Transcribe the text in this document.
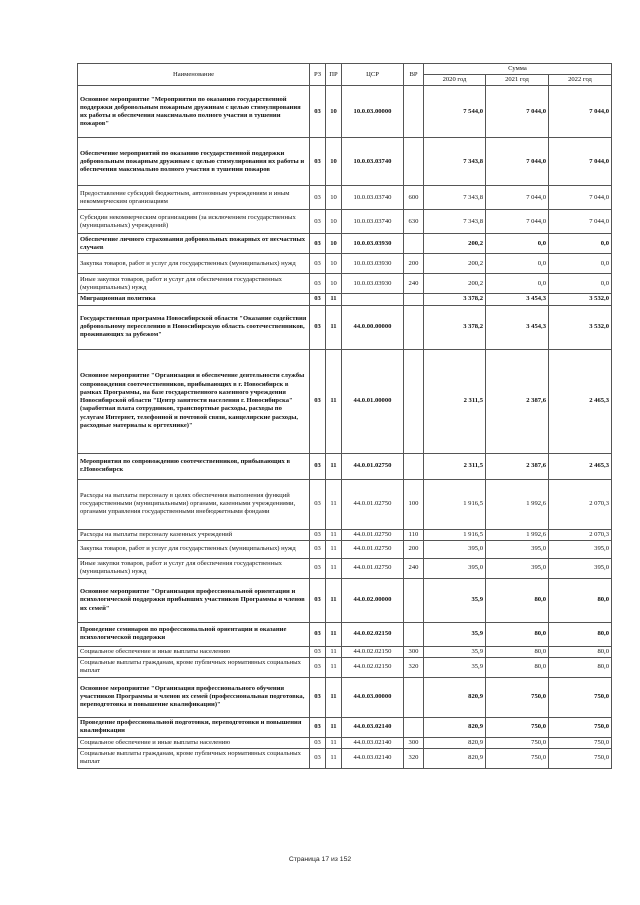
Наименование	РЗ	ПР	ЦСР	ВР	Сумма		
					2020 год	2021 год	2022 год
Основное мероприятие "Мероприятия по оказанию государственной поддержки добровольным пожарным дружинам с целью стимулирования их работы и обеспечения максимально полного участия в тушении пожаров"	03	10	10.0.03.00000		7 544,0	7 044,0	7 044,0
Обеспечение мероприятий по оказанию государственной поддержки добровольным пожарным дружинам с целью стимулирования их работы и обеспечения максимально полного участия в тушении пожаров	03	10	10.0.03.03740		7 343,8	7 044,0	7 044,0
Предоставление субсидий бюджетным, автономным учреждениям и иным некоммерческим организациям	03	10	10.0.03.03740	600	7 343,8	7 044,0	7 044,0
Субсидии некоммерческим организациям (за исключением государственных (муниципальных) учреждений)	03	10	10.0.03.03740	630	7 343,8	7 044,0	7 044,0
Обеспечение личного страхования добровольных пожарных от несчастных случаев	03	10	10.0.03.03930		200,2	0,0	0,0
Закупка товаров, работ и услуг для государственных (муниципальных) нужд	03	10	10.0.03.03930	200	200,2	0,0	0,0
Иные закупки товаров, работ и услуг для обеспечения государственных (муниципальных) нужд	03	10	10.0.03.03930	240	200,2	0,0	0,0
Миграционная политика	03	11			3 378,2	3 454,3	3 532,0
Государственная программа Новосибирской области "Оказание содействия добровольному переселению в Новосибирскую область соотечественников, проживающих за рубежом"	03	11	44.0.00.00000		3 378,2	3 454,3	3 532,0
Основное мероприятие "Организация и обеспечение деятельности службы сопровождения соотечественников, прибывающих в г. Новосибирск в рамках Программы, на базе государственного казенного учреждения Новосибирской области "Центр занятости населения г. Новосибирска" (заработная плата сотрудников, транспортные расходы, расходы по услугам Интернет, телефонной и почтовой связи, канцелярские расходы, расходные материалы к оргтехнике)"	03	11	44.0.01.00000		2 311,5	2 387,6	2 465,3
Мероприятия по сопровождению соотечественников, прибывающих в г.Новосибирск	03	11	44.0.01.02750		2 311,5	2 387,6	2 465,3
Расходы на выплаты персоналу в целях обеспечения выполнения функций государственными (муниципальными) органами, казенными учреждениями, органами управления государственными внебюджетными фондами	03	11	44.0.01.02750	100	1 916,5	1 992,6	2 070,3
Расходы на выплаты персоналу казенных учреждений	03	11	44.0.01.02750	110	1 916,5	1 992,6	2 070,3
Закупка товаров, работ и услуг для государственных (муниципальных) нужд	03	11	44.0.01.02750	200	395,0	395,0	395,0
Иные закупки товаров, работ и услуг для обеспечения государственных (муниципальных) нужд	03	11	44.0.01.02750	240	395,0	395,0	395,0
Основное мероприятие "Организация профессиональной ориентации и психологической поддержки прибывших участников Программы и членов их семей"	03	11	44.0.02.00000		35,9	80,0	80,0
Проведение семинаров по профессиональной ориентации и оказание психологической поддержки	03	11	44.0.02.02150		35,9	80,0	80,0
Социальное обеспечение и иные выплаты населению	03	11	44.0.02.02150	300	35,9	80,0	80,0
Социальные выплаты гражданам, кроме публичных нормативных социальных выплат	03	11	44.0.02.02150	320	35,9	80,0	80,0
Основное мероприятие "Организация профессионального обучения участников Программы и членов их семей (профессиональная подготовка, переподготовка и повышение квалификации)"	03	11	44.0.03.00000		820,9	750,0	750,0
Проведение профессиональной подготовки, переподготовки и повышения квалификации	03	11	44.0.03.02140		820,9	750,0	750,0
Социальное обеспечение и иные выплаты населению	03	11	44.0.03.02140	300	820,9	750,0	750,0
Социальные выплаты гражданам, кроме публичных нормативных социальных выплат	03	11	44.0.03.02140	320	820,9	750,0	750,0
Страница 17 из 152
